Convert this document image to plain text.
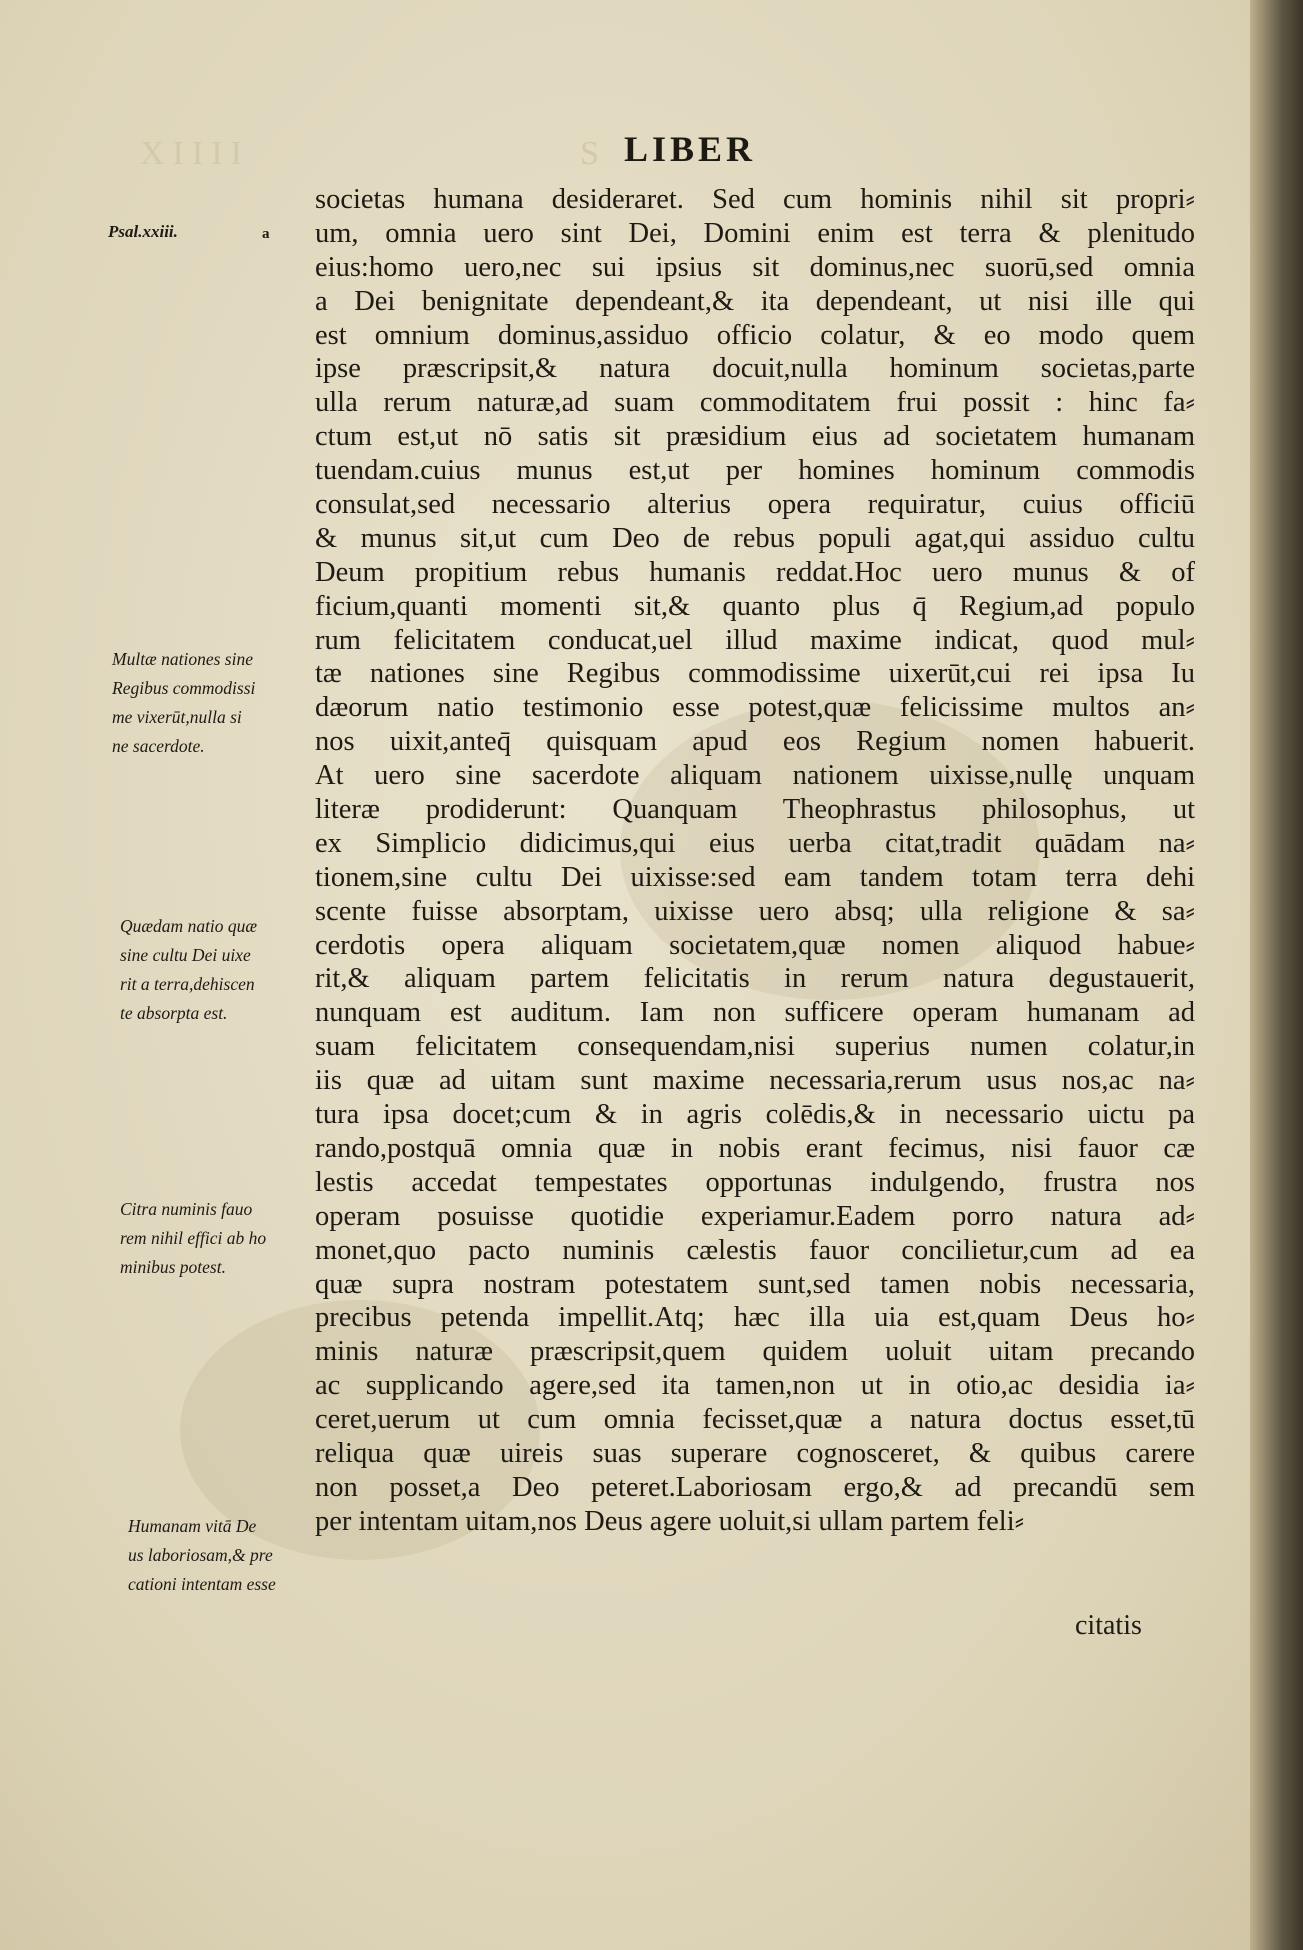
XIIII	S LIBER
Psal.xxiii.	a
Multæ nationes sine
Regibus commodissi
me vixerūt,nulla si
ne sacerdote.
Quædam natio quæ
sine cultu Dei uixe
rit a terra,dehiscen
te absorpta est.
Citra numinis fauo
rem nihil effici ab ho
minibus potest.
Humanam vitā De
us laboriosam,& pre
cationi intentam esse
societas humana desideraret. Sed cum hominis nihil sit propri⸗
um, omnia uero sint Dei, Domini enim est terra & plenitudo
eius:homo uero,nec sui ipsius sit dominus,nec suorū,sed omnia
a Dei benignitate dependeant,& ita dependeant, ut nisi ille qui
est omnium dominus,assiduo officio colatur, & eo modo quem
ipse præscripsit,& natura docuit,nulla hominum societas,parte
ulla rerum naturæ,ad suam commoditatem frui possit : hinc fa⸗
ctum est,ut nō satis sit præsidium eius ad societatem humanam
tuendam.cuius munus est,ut per homines hominum commodis
consulat,sed necessario alterius opera requiratur, cuius officiū
& munus sit,ut cum Deo de rebus populi agat,qui assiduo cultu
Deum propitium rebus humanis reddat.Hoc uero munus & of
ficium,quanti momenti sit,& quanto plus q̄ Regium,ad populo
rum felicitatem conducat,uel illud maxime indicat, quod mul⸗
tæ nationes sine Regibus commodissime uixerūt,cui rei ipsa Iu
dæorum natio testimonio esse potest,quæ felicissime multos an⸗
nos uixit,anteq̄ quisquam apud eos Regium nomen habuerit.
At uero sine sacerdote aliquam nationem uixisse,nullę unquam
literæ prodiderunt: Quanquam Theophrastus philosophus, ut
ex Simplicio didicimus,qui eius uerba citat,tradit quādam na⸗
tionem,sine cultu Dei uixisse:sed eam tandem totam terra dehi
scente fuisse absorptam, uixisse uero absq; ulla religione & sa⸗
cerdotis opera aliquam societatem,quæ nomen aliquod habue⸗
rit,& aliquam partem felicitatis in rerum natura degustauerit,
nunquam est auditum. Iam non sufficere operam humanam ad
suam felicitatem consequendam,nisi superius numen colatur,in
iis quæ ad uitam sunt maxime necessaria,rerum usus nos,ac na⸗
tura ipsa docet;cum & in agris colēdis,& in necessario uictu pa
rando,postquā omnia quæ in nobis erant fecimus, nisi fauor cæ
lestis accedat tempestates opportunas indulgendo, frustra nos
operam posuisse quotidie experiamur.Eadem porro natura ad⸗
monet,quo pacto numinis cælestis fauor concilietur,cum ad ea
quæ supra nostram potestatem sunt,sed tamen nobis necessaria,
precibus petenda impellit.Atq; hæc illa uia est,quam Deus ho⸗
minis naturæ præscripsit,quem quidem uoluit uitam precando
ac supplicando agere,sed ita tamen,non ut in otio,ac desidia ia⸗
ceret,uerum ut cum omnia fecisset,quæ a natura doctus esset,tū
reliqua quæ uireis suas superare cognosceret, & quibus carere
non posset,a Deo peteret.Laboriosam ergo,& ad precandū sem
per intentam uitam,nos Deus agere uoluit,si ullam partem feli⸗
citatis
